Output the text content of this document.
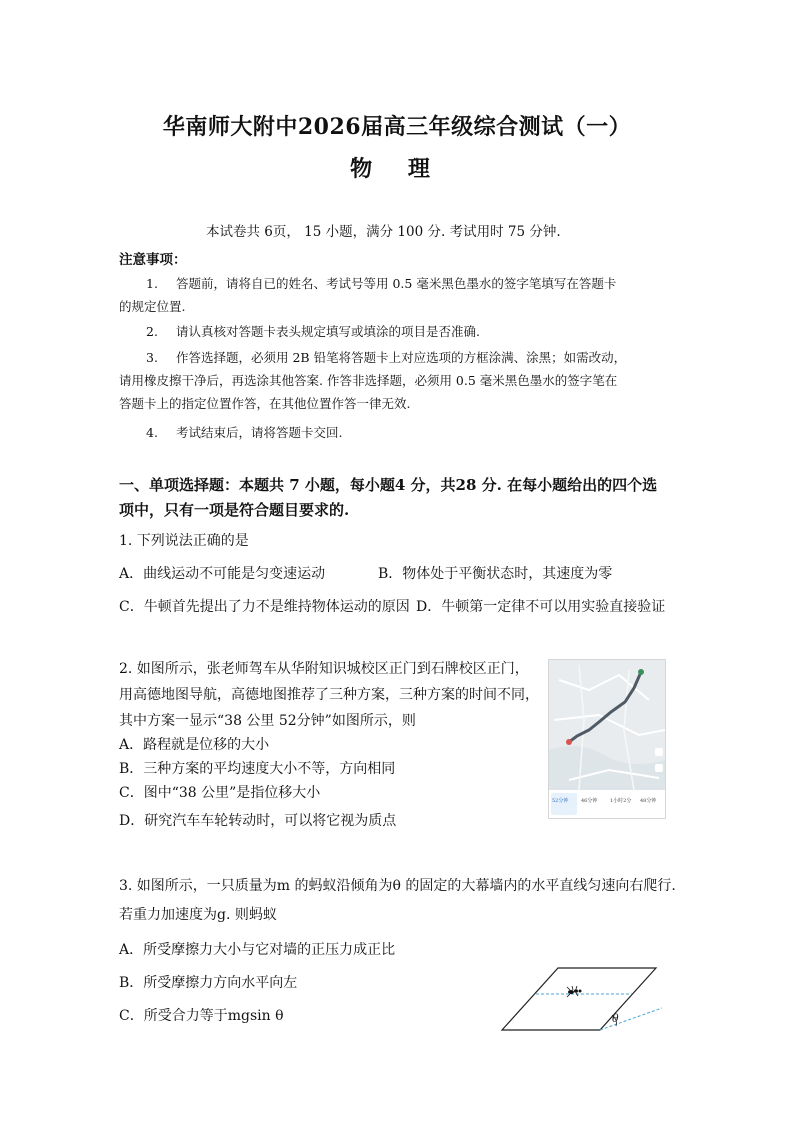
华南师大附中2026届高三年级综合测试（一）
物 理
本试卷共 6页， 15 小题，满分 100 分. 考试用时 75 分钟.
注意事项：
1. 答题前，请将自已的姓名、考试号等用 0.5 毫米黑色墨水的签字笔填写在答题卡
的规定位置.
2. 请认真核对答题卡表头规定填写或填涂的项目是否准确.
3. 作答选择题，必须用 2B 铅笔将答题卡上对应选项的方框涂满、涂黑；如需改动，
请用橡皮擦干净后，再选涂其他答案. 作答非选择题，必须用 0.5 毫米黑色墨水的签字笔在
答题卡上的指定位置作答，在其他位置作答一律无效.
4. 考试结束后，请将答题卡交回.
一、单项选择题：本题共 7 小题，每小题4 分，共28 分. 在每小题给出的四个选
项中，只有一项是符合题目要求的.
1. 下列说法正确的是
A．曲线运动不可能是匀变速运动	B．物体处于平衡状态时，其速度为零
C．牛顿首先提出了力不是维持物体运动的原因 D．牛顿第一定律不可以用实验直接验证
2. 如图所示，张老师驾车从华附知识城校区正门到石牌校区正门，
用高德地图导航，高德地图推荐了三种方案，三种方案的时间不同，
其中方案一显示“38 公里 52分钟”如图所示，则
A．路程就是位移的大小
B．三种方案的平均速度大小不等，方向相同
C．图中“38 公里”是指位移大小
D．研究汽车车轮转动时，可以将它视为质点
52分钟	46分钟	1小时2分 48分钟
3. 如图所示，一只质量为m 的蚂蚁沿倾角为θ 的固定的大幕墙内的水平直线匀速向右爬行.
若重力加速度为g. 则蚂蚁
A．所受摩擦力大小与它对墙的正压力成正比
B．所受摩擦力方向水平向左
C．所受合力等于mgsin θ	θ
